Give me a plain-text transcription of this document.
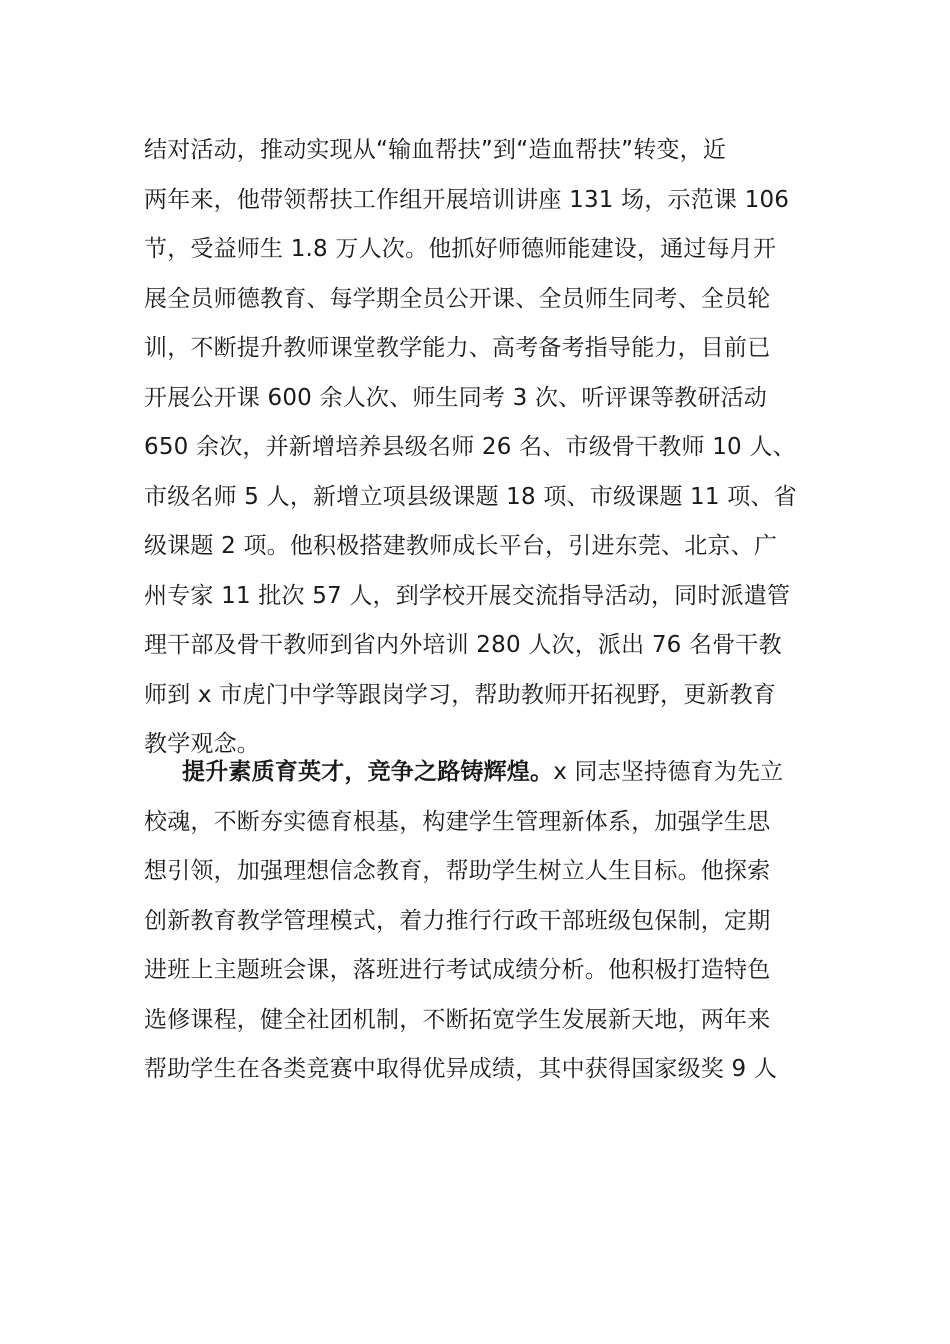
结对活动，推动实现从“输血帮扶”到“造血帮扶”转变，近
两年来，他带领帮扶工作组开展培训讲座 131 场，示范课 106
节，受益师生 1.8 万人次。他抓好师德师能建设，通过每月开
展全员师德教育、每学期全员公开课、全员师生同考、全员轮
训，不断提升教师课堂教学能力、高考备考指导能力，目前已
开展公开课 600 余人次、师生同考 3 次、听评课等教研活动
650 余次，并新增培养县级名师 26 名、市级骨干教师 10 人、
市级名师 5 人，新增立项县级课题 18 项、市级课题 11 项、省
级课题 2 项。他积极搭建教师成长平台，引进东莞、北京、广
州专家 11 批次 57 人，到学校开展交流指导活动，同时派遣管
理干部及骨干教师到省内外培训 280 人次，派出 76 名骨干教
师到 x 市虎门中学等跟岗学习，帮助教师开拓视野，更新教育
教学观念。
提升素质育英才，竞争之路铸辉煌。x 同志坚持德育为先立
校魂，不断夯实德育根基，构建学生管理新体系，加强学生思
想引领，加强理想信念教育，帮助学生树立人生目标。他探索
创新教育教学管理模式，着力推行行政干部班级包保制，定期
进班上主题班会课，落班进行考试成绩分析。他积极打造特色
选修课程，健全社团机制，不断拓宽学生发展新天地，两年来
帮助学生在各类竞赛中取得优异成绩，其中获得国家级奖 9 人
